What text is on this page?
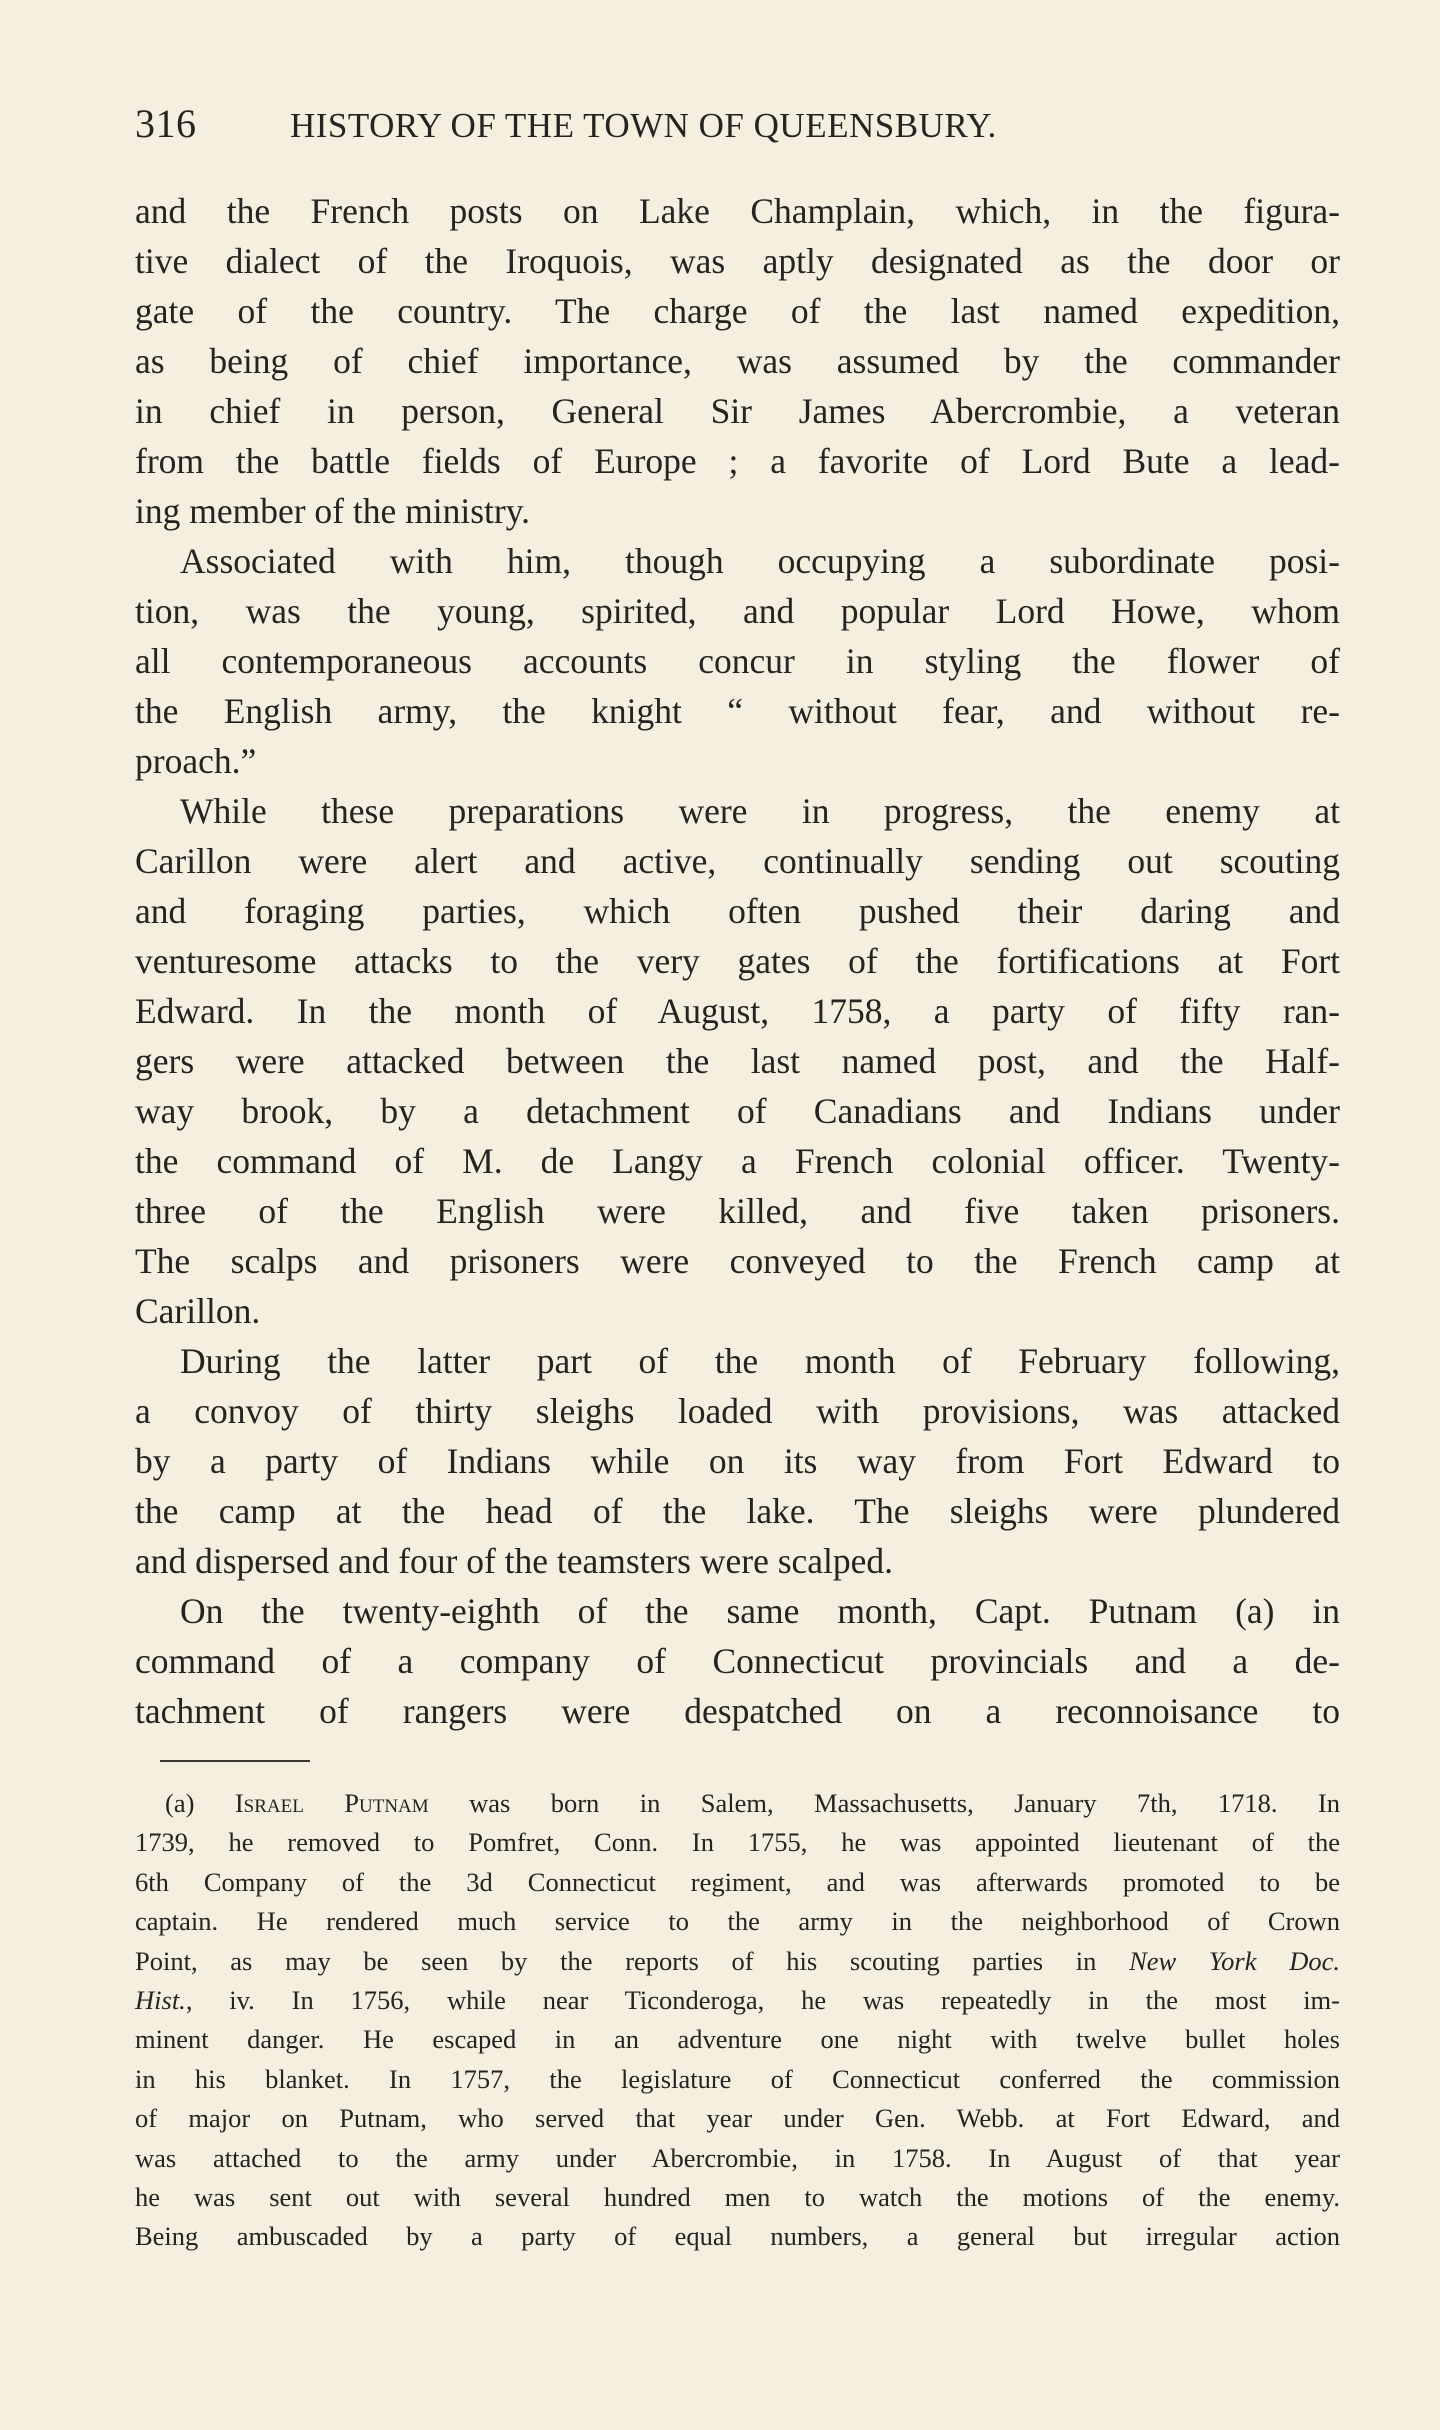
316	HISTORY OF THE TOWN OF QUEENSBURY.

and the French posts on Lake Champlain, which, in the figura-

tive dialect of the Iroquois, was aptly designated as the door or

gate of the country. The charge of the last named expedition,

as being of chief importance, was assumed by the commander

in chief in person, General Sir James Abercrombie, a veteran

from the battle fields of Europe ; a favorite of Lord Bute a lead-

ing member of the ministry.

Associated with him, though occupying a subordinate posi-

tion, was the young, spirited, and popular Lord Howe, whom

all contemporaneous accounts concur in styling the flower of

the English army, the knight “ without fear, and without re-

proach.”

While these preparations were in progress, the enemy at

Carillon were alert and active, continually sending out scouting

and foraging parties, which often pushed their daring and

venturesome attacks to the very gates of the fortifications at Fort

Edward. In the month of August, 1758, a party of fifty ran-

gers were attacked between the last named post, and the Half-

way brook, by a detachment of Canadians and Indians under

the command of M. de Langy a French colonial officer. Twenty-

three of the English were killed, and five taken prisoners.

The scalps and prisoners were conveyed to the French camp at

Carillon.

During the latter part of the month of February following,

a convoy of thirty sleighs loaded with provisions, was attacked

by a party of Indians while on its way from Fort Edward to

the camp at the head of the lake. The sleighs were plundered

and dispersed and four of the teamsters were scalped.

On the twenty-eighth of the same month, Capt. Putnam (a) in

command of a company of Connecticut provincials and a de-

tachment of rangers were despatched on a reconnoisance to

(a) Israel Putnam was born in Salem, Massachusetts, January 7th, 1718. In

1739, he removed to Pomfret, Conn. In 1755, he was appointed lieutenant of the

6th Company of the 3d Connecticut regiment, and was afterwards promoted to be

captain. He rendered much service to the army in the neighborhood of Crown

Point, as may be seen by the reports of his scouting parties in New York Doc.

Hist., iv. In 1756, while near Ticonderoga, he was repeatedly in the most im-

minent danger. He escaped in an adventure one night with twelve bullet holes

in his blanket. In 1757, the legislature of Connecticut conferred the commission

of major on Putnam, who served that year under Gen. Webb. at Fort Edward, and

was attached to the army under Abercrombie, in 1758. In August of that year

he was sent out with several hundred men to watch the motions of the enemy.

Being ambuscaded by a party of equal numbers, a general but irregular action
